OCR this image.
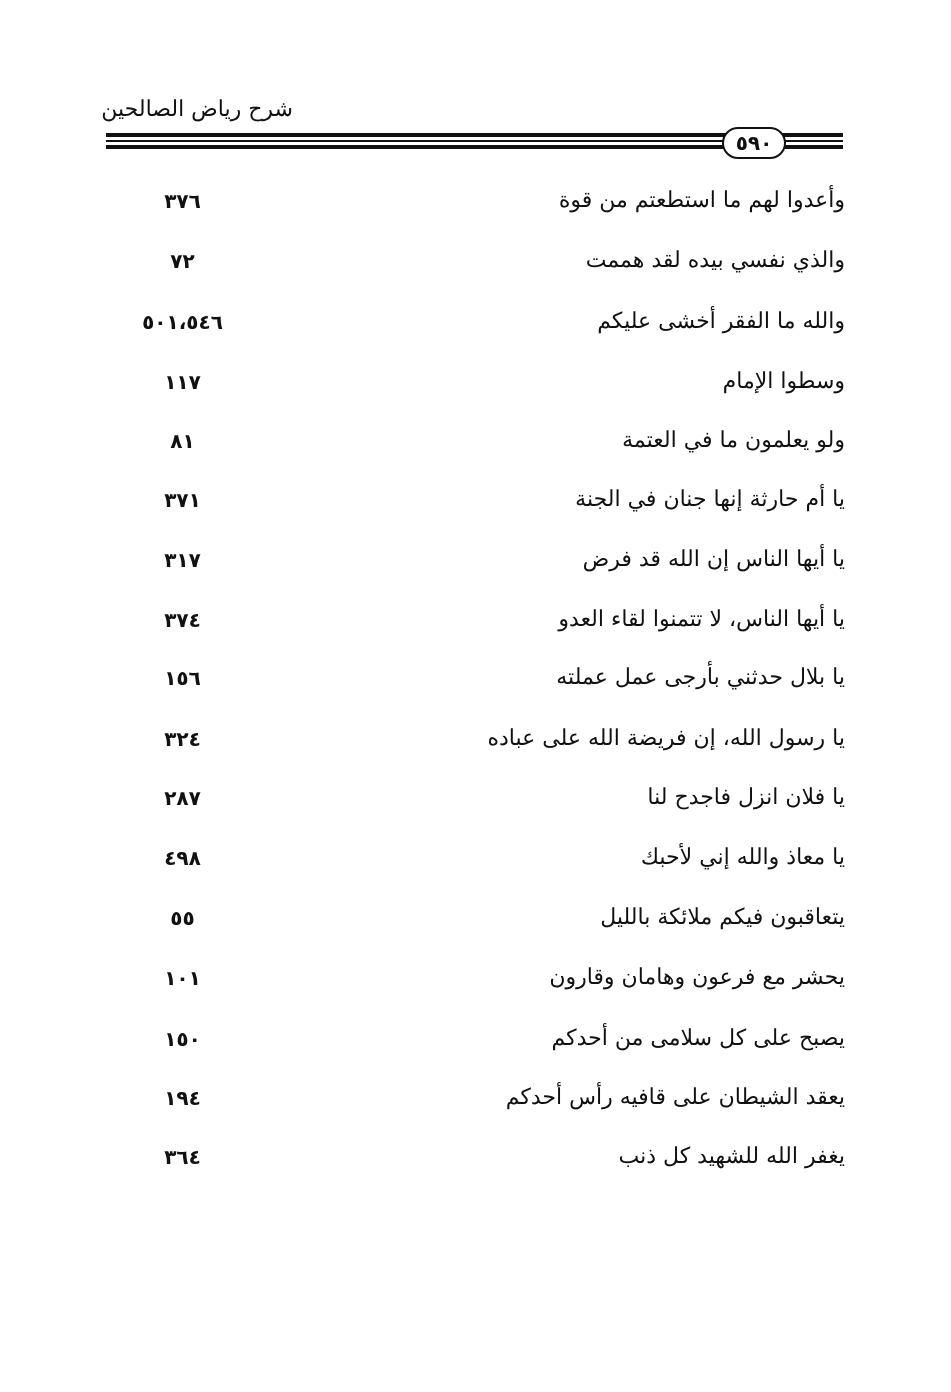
شرح رياض الصالحين
٥٩٠
وأعدوا لهم ما استطعتم من قوة
٣٧٦
والذي نفسي بيده لقد هممت
٧٢
والله ما الفقر أخشى عليكم
٥٠١،٥٤٦
وسطوا الإمام
١١٧
ولو يعلمون ما في العتمة
٨١
يا أم حارثة إنها جنان في الجنة
٣٧١
يا أيها الناس إن الله قد فرض
٣١٧
يا أيها الناس، لا تتمنوا لقاء العدو
٣٧٤
يا بلال حدثني بأرجى عمل عملته
١٥٦
يا رسول الله، إن فريضة الله على عباده
٣٢٤
يا فلان انزل فاجدح لنا
٢٨٧
يا معاذ والله إني لأحبك
٤٩٨
يتعاقبون فيكم ملائكة بالليل
٥٥
يحشر مع فرعون وهامان وقارون
١٠١
يصبح على كل سلامى من أحدكم
١٥٠
يعقد الشيطان على قافيه رأس أحدكم
١٩٤
يغفر الله للشهيد كل ذنب
٣٦٤
